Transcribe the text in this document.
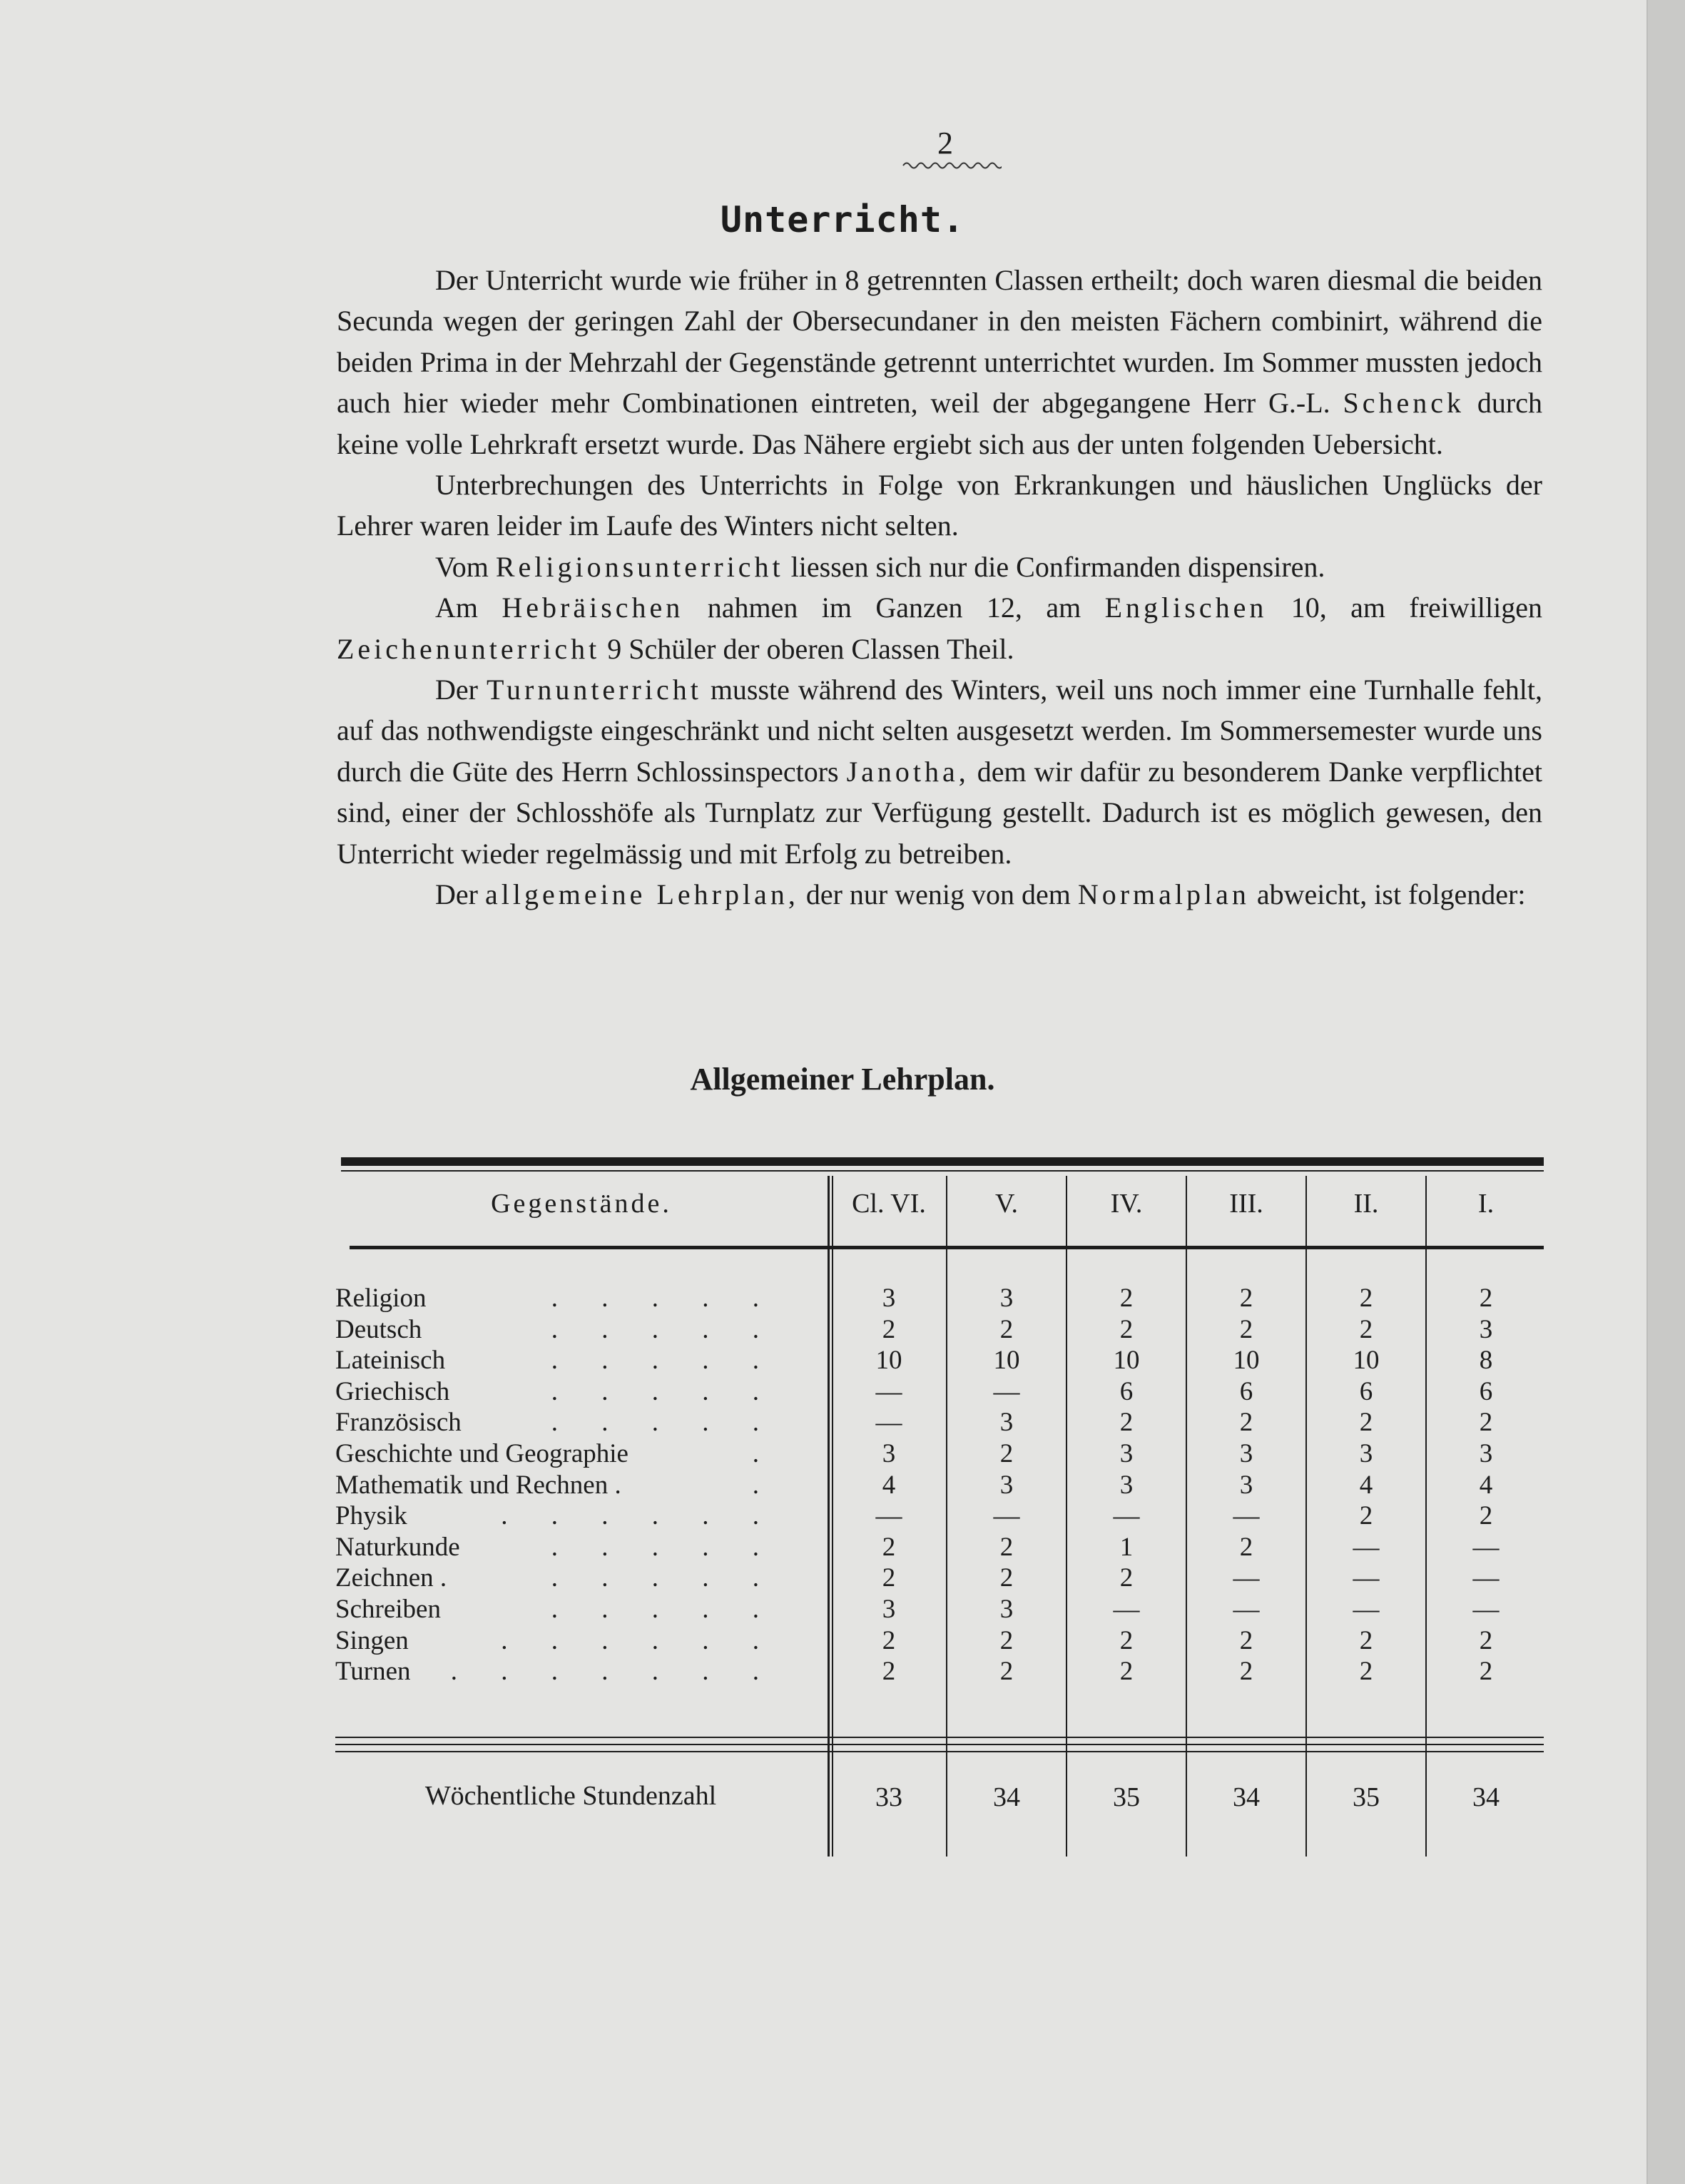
2
Unterricht.

Der Unterricht wurde wie früher in 8 getrennten Classen ertheilt; doch waren diesmal die beiden Secunda wegen der geringen Zahl der Obersecundaner in den meisten Fächern combinirt, während die beiden Prima in der Mehrzahl der Gegenstände getrennt unterrichtet wurden. Im Sommer mussten jedoch auch hier wieder mehr Combinationen eintreten, weil der abgegangene Herr G.-L. Schenck durch keine volle Lehrkraft ersetzt wurde. Das Nähere ergiebt sich aus der unten folgenden Uebersicht.

Unterbrechungen des Unterrichts in Folge von Erkrankungen und häuslichen Unglücks der Lehrer waren leider im Laufe des Winters nicht selten.

Vom Religionsunterricht liessen sich nur die Confirmanden dispensiren.

Am Hebräischen nahmen im Ganzen 12, am Englischen 10, am freiwilligen Zeichenunterricht 9 Schüler der oberen Classen Theil.

Der Turnunterricht musste während des Winters, weil uns noch immer eine Turnhalle fehlt, auf das nothwendigste eingeschränkt und nicht selten ausgesetzt werden. Im Sommersemester wurde uns durch die Güte des Herrn Schlossinspectors Janotha, dem wir dafür zu besonderem Danke verpflichtet sind, einer der Schlosshöfe als Turnplatz zur Verfügung gestellt. Dadurch ist es möglich gewesen, den Unterricht wieder regelmässig und mit Erfolg zu betreiben.

Der allgemeine Lehrplan, der nur wenig von dem Normalplan abweicht, ist folgender:

Allgemeiner Lehrplan.
Gegenstände.	Cl. VI.	V.	IV.	III.	II.	I.
Religion	. . . . .	3	3	2	2	2	2
Deutsch	. . . . .	2	2	2	2	2	3
Lateinisch	. . . . .	10	10	10	10	10	8
Griechisch	. . . . .	—	—	6	6	6	6
Französisch	. . . . .	—	3	2	2	2	2
Geschichte und Geographie	.	3	2	3	3	3	3
Mathematik und Rechnen .	.	4	3	3	3	4	4
Physik	. . . . . .	—	—	—	—	2	2
Naturkunde	. . . . .	2	2	1	2	—	—
Zeichnen .	. . . . .	2	2	2	—	—	—
Schreiben	. . . . .	3	3	—	—	—	—
Singen	. . . . . .	2	2	2	2	2	2
Turnen	. . . . . . .	2	2	2	2	2	2
Wöchentliche Stundenzahl	33	34	35	34	35	34
